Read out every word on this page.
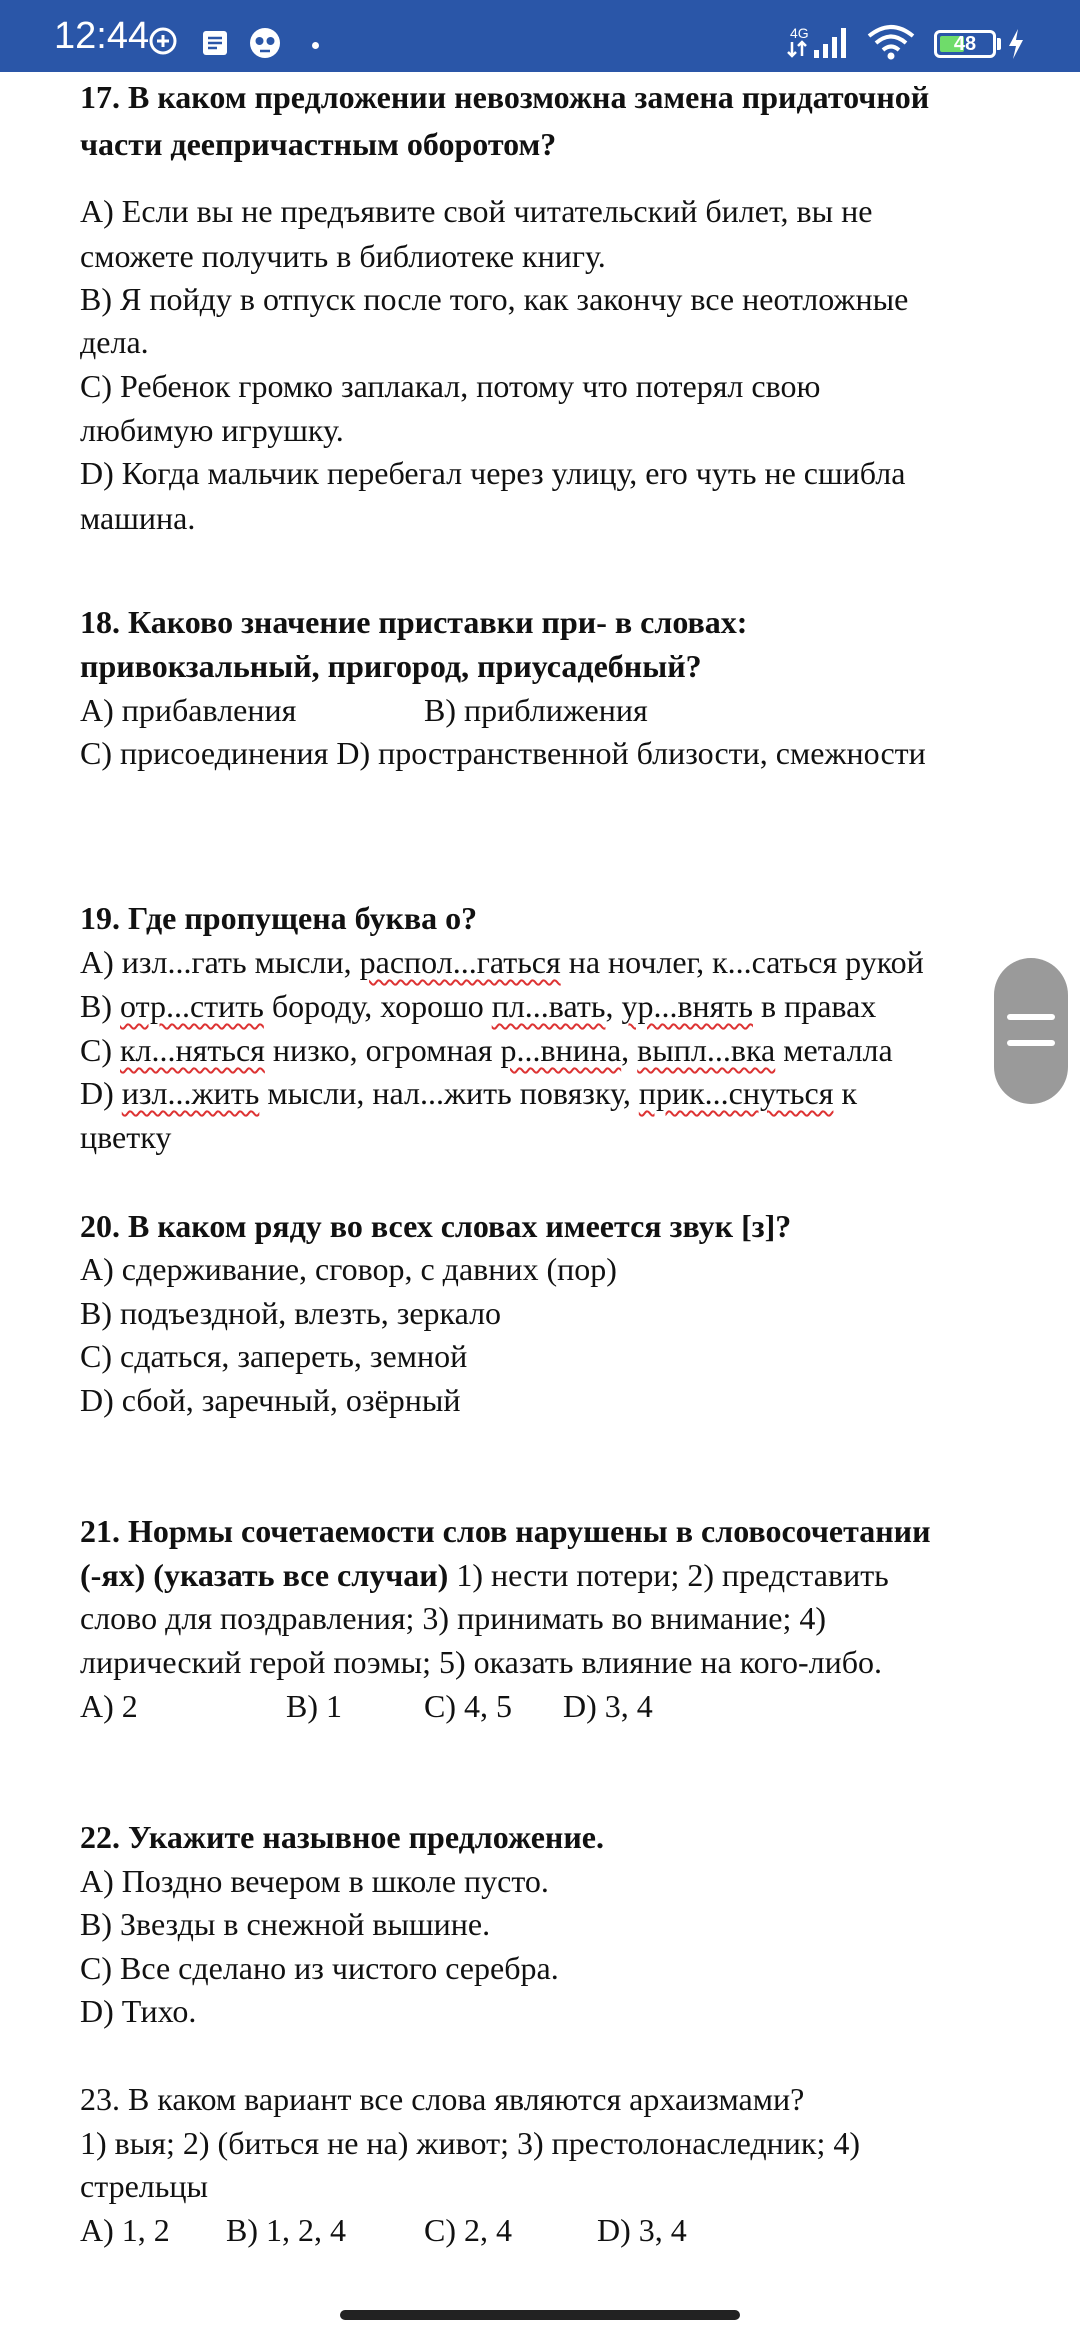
12:44	4G	48
17. В каком предложении невозможна замена придаточной
части деепричастным оборотом?
A) Если вы не предъявите свой читательский билет, вы не
сможете получить в библиотеке книгу.
B) Я пойду в отпуск после того, как закончу все неотложные
дела.
C) Ребенок громко заплакал, потому что потерял свою
любимую игрушку.
D) Когда мальчик перебегал через улицу, его чуть не сшибла
машина.
18. Каково значение приставки при- в словах:
привокзальный, пригород, приусадебный?
A) прибавления	B) приближения
C) присоединения D) пространственной близости, смежности
19. Где пропущена буква о?
A) изл...гать мысли, распол...гаться на ночлег, к...саться рукой
B) отр...стить бороду, хорошо пл...вать, ур...внять в правах
C) кл...няться низко, огромная р...внина, выпл...вка металла
D) изл...жить мысли, нал...жить повязку, прик...снуться к
цветку
20. В каком ряду во всех словах имеется звук [з]?
A) сдерживание, сговор, с давних (пор)
B) подъездной, влезть, зеркало
C) сдаться, запереть, земной
D) сбой, заречный, озёрный
21. Нормы сочетаемости слов нарушены в словосочетании
(-ях) (указать все случаи) 1) нести потери; 2) представить
слово для поздравления; 3) принимать во внимание; 4)
лирический герой поэмы; 5) оказать влияние на кого-либо.
A) 2	B) 1	C) 4, 5 D) 3, 4
22. Укажите назывное предложение.
A) Поздно вечером в школе пусто.
B) Звезды в снежной вышине.
C) Все сделано из чистого серебра.
D) Тихо.
23. В каком вариант все слова являются архаизмами?
1) выя; 2) (биться не на) живот; 3) престолонаследник; 4)
стрельцы
A) 1, 2 B) 1, 2, 4 C) 2, 4	D) 3, 4
